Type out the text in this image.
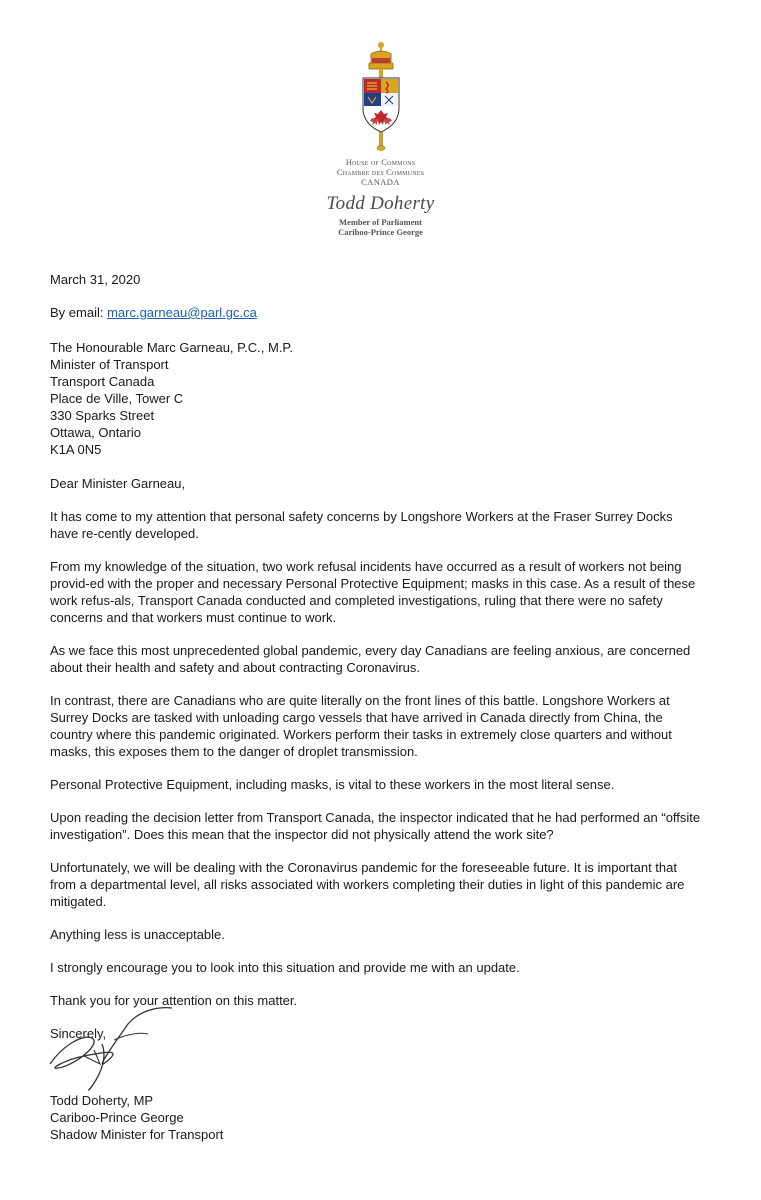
House of Commons
Chambre des Communes
CANADA
Todd Doherty
Member of Parliament
Cariboo-Prince George

March 31, 2020

By email: marc.garneau@parl.gc.ca

The Honourable Marc Garneau, P.C., M.P.
Minister of Transport
Transport Canada
Place de Ville, Tower C
330 Sparks Street
Ottawa, Ontario
K1A 0N5

Dear Minister Garneau,

It has come to my attention that personal safety concerns by Longshore Workers at the Fraser Surrey Docks have re-cently developed.

From my knowledge of the situation, two work refusal incidents have occurred as a result of workers not being provid-ed with the proper and necessary Personal Protective Equipment; masks in this case. As a result of these work refus-als, Transport Canada conducted and completed investigations, ruling that there were no safety concerns and that workers must continue to work.

As we face this most unprecedented global pandemic, every day Canadians are feeling anxious, are concerned about their health and safety and about contracting Coronavirus.

In contrast, there are Canadians who are quite literally on the front lines of this battle. Longshore Workers at Surrey Docks are tasked with unloading cargo vessels that have arrived in Canada directly from China, the country where this pandemic originated. Workers perform their tasks in extremely close quarters and without masks, this exposes them to the danger of droplet transmission.

Personal Protective Equipment, including masks, is vital to these workers in the most literal sense.

Upon reading the decision letter from Transport Canada, the inspector indicated that he had performed an “offsite investigation”. Does this mean that the inspector did not physically attend the work site?

Unfortunately, we will be dealing with the Coronavirus pandemic for the foreseeable future. It is important that from a departmental level, all risks associated with workers completing their duties in light of this pandemic are mitigated.

Anything less is unacceptable.

I strongly encourage you to look into this situation and provide me with an update.

Thank you for your attention on this matter.

Sincerely,

Todd Doherty, MP
Cariboo-Prince George
Shadow Minister for Transport
